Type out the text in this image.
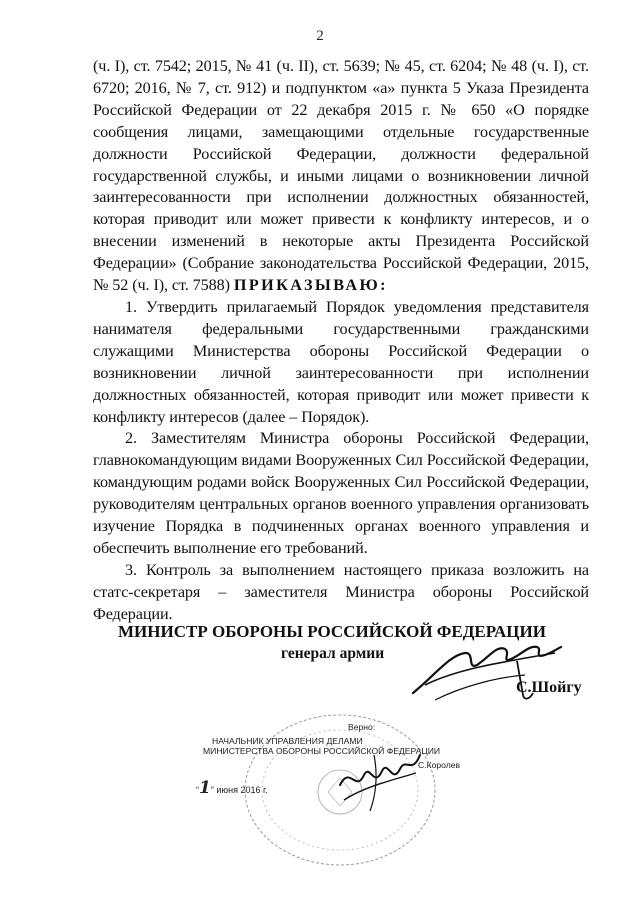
2

(ч. I), ст. 7542; 2015, № 41 (ч. II), ст. 5639; № 45, ст. 6204; № 48 (ч. I), ст. 6720; 2016, № 7, ст. 912) и подпунктом «а» пункта 5 Указа Президента Российской Федерации от 22 декабря 2015 г. № 650 «О порядке сообщения лицами, замещающими отдельные государственные должности Российской Федерации, должности федеральной государственной службы, и иными лицами о возникновении личной заинтересованности при исполнении должностных обязанностей, которая приводит или может привести к конфликту интересов, и о внесении изменений в некоторые акты Президента Российской Федерации» (Собрание законодательства Российской Федерации, 2015, № 52 (ч. I), ст. 7588) ПРИКАЗЫВАЮ:

1. Утвердить прилагаемый Порядок уведомления представителя нанимателя федеральными государственными гражданскими служащими Министерства обороны Российской Федерации о возникновении личной заинтересованности при исполнении должностных обязанностей, которая приводит или может привести к конфликту интересов (далее – Порядок).

2. Заместителям Министра обороны Российской Федерации, главнокомандующим видами Вооруженных Сил Российской Федерации, командующим родами войск Вооруженных Сил Российской Федерации, руководителям центральных органов военного управления организовать изучение Порядка в подчиненных органах военного управления и обеспечить выполнение его требований.

3. Контроль за выполнением настоящего приказа возложить на статс-секретаря – заместителя Министра обороны Российской Федерации.

МИНИСТР ОБОРОНЫ РОССИЙСКОЙ ФЕДЕРАЦИИ
генерал армии
С.Шойгу
Верно:
НАЧАЛЬНИК УПРАВЛЕНИЯ ДЕЛАМИ
МИНИСТЕРСТВА ОБОРОНЫ РОССИЙСКОЙ ФЕДЕРАЦИИ
С.Королев
“1” июня 2016 г.
